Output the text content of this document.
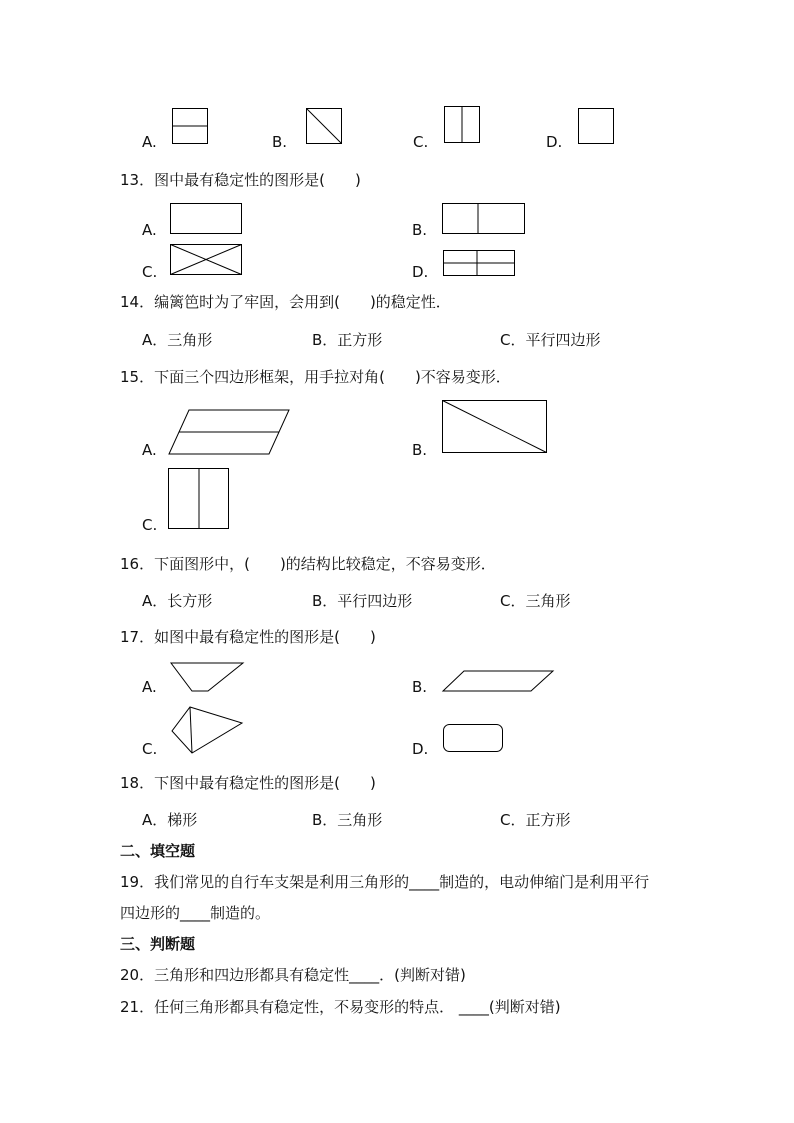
A.	B.	C.	D.
13．图中最有稳定性的图形是(　　)
A.	B.
C.	D.
14．编篱笆时为了牢固，会用到(　　)的稳定性．
A．三角形	B．正方形	C．平行四边形
15．下面三个四边形框架，用手拉对角(　　)不容易变形．
A.	B.
C.
16．下面图形中，(　　)的结构比较稳定，不容易变形．
A．长方形	B．平行四边形	C．三角形
17．如图中最有稳定性的图形是(　　)
A.	B.
C.	D.
18．下图中最有稳定性的图形是(　　)
A．梯形	B．三角形	C．正方形
二、填空题
19．我们常见的自行车支架是利用三角形的____制造的，电动伸缩门是利用平行
四边形的____制造的。
三、判断题
20．三角形和四边形都具有稳定性____．(判断对错)
21．任何三角形都具有稳定性，不易变形的特点． ____(判断对错)
